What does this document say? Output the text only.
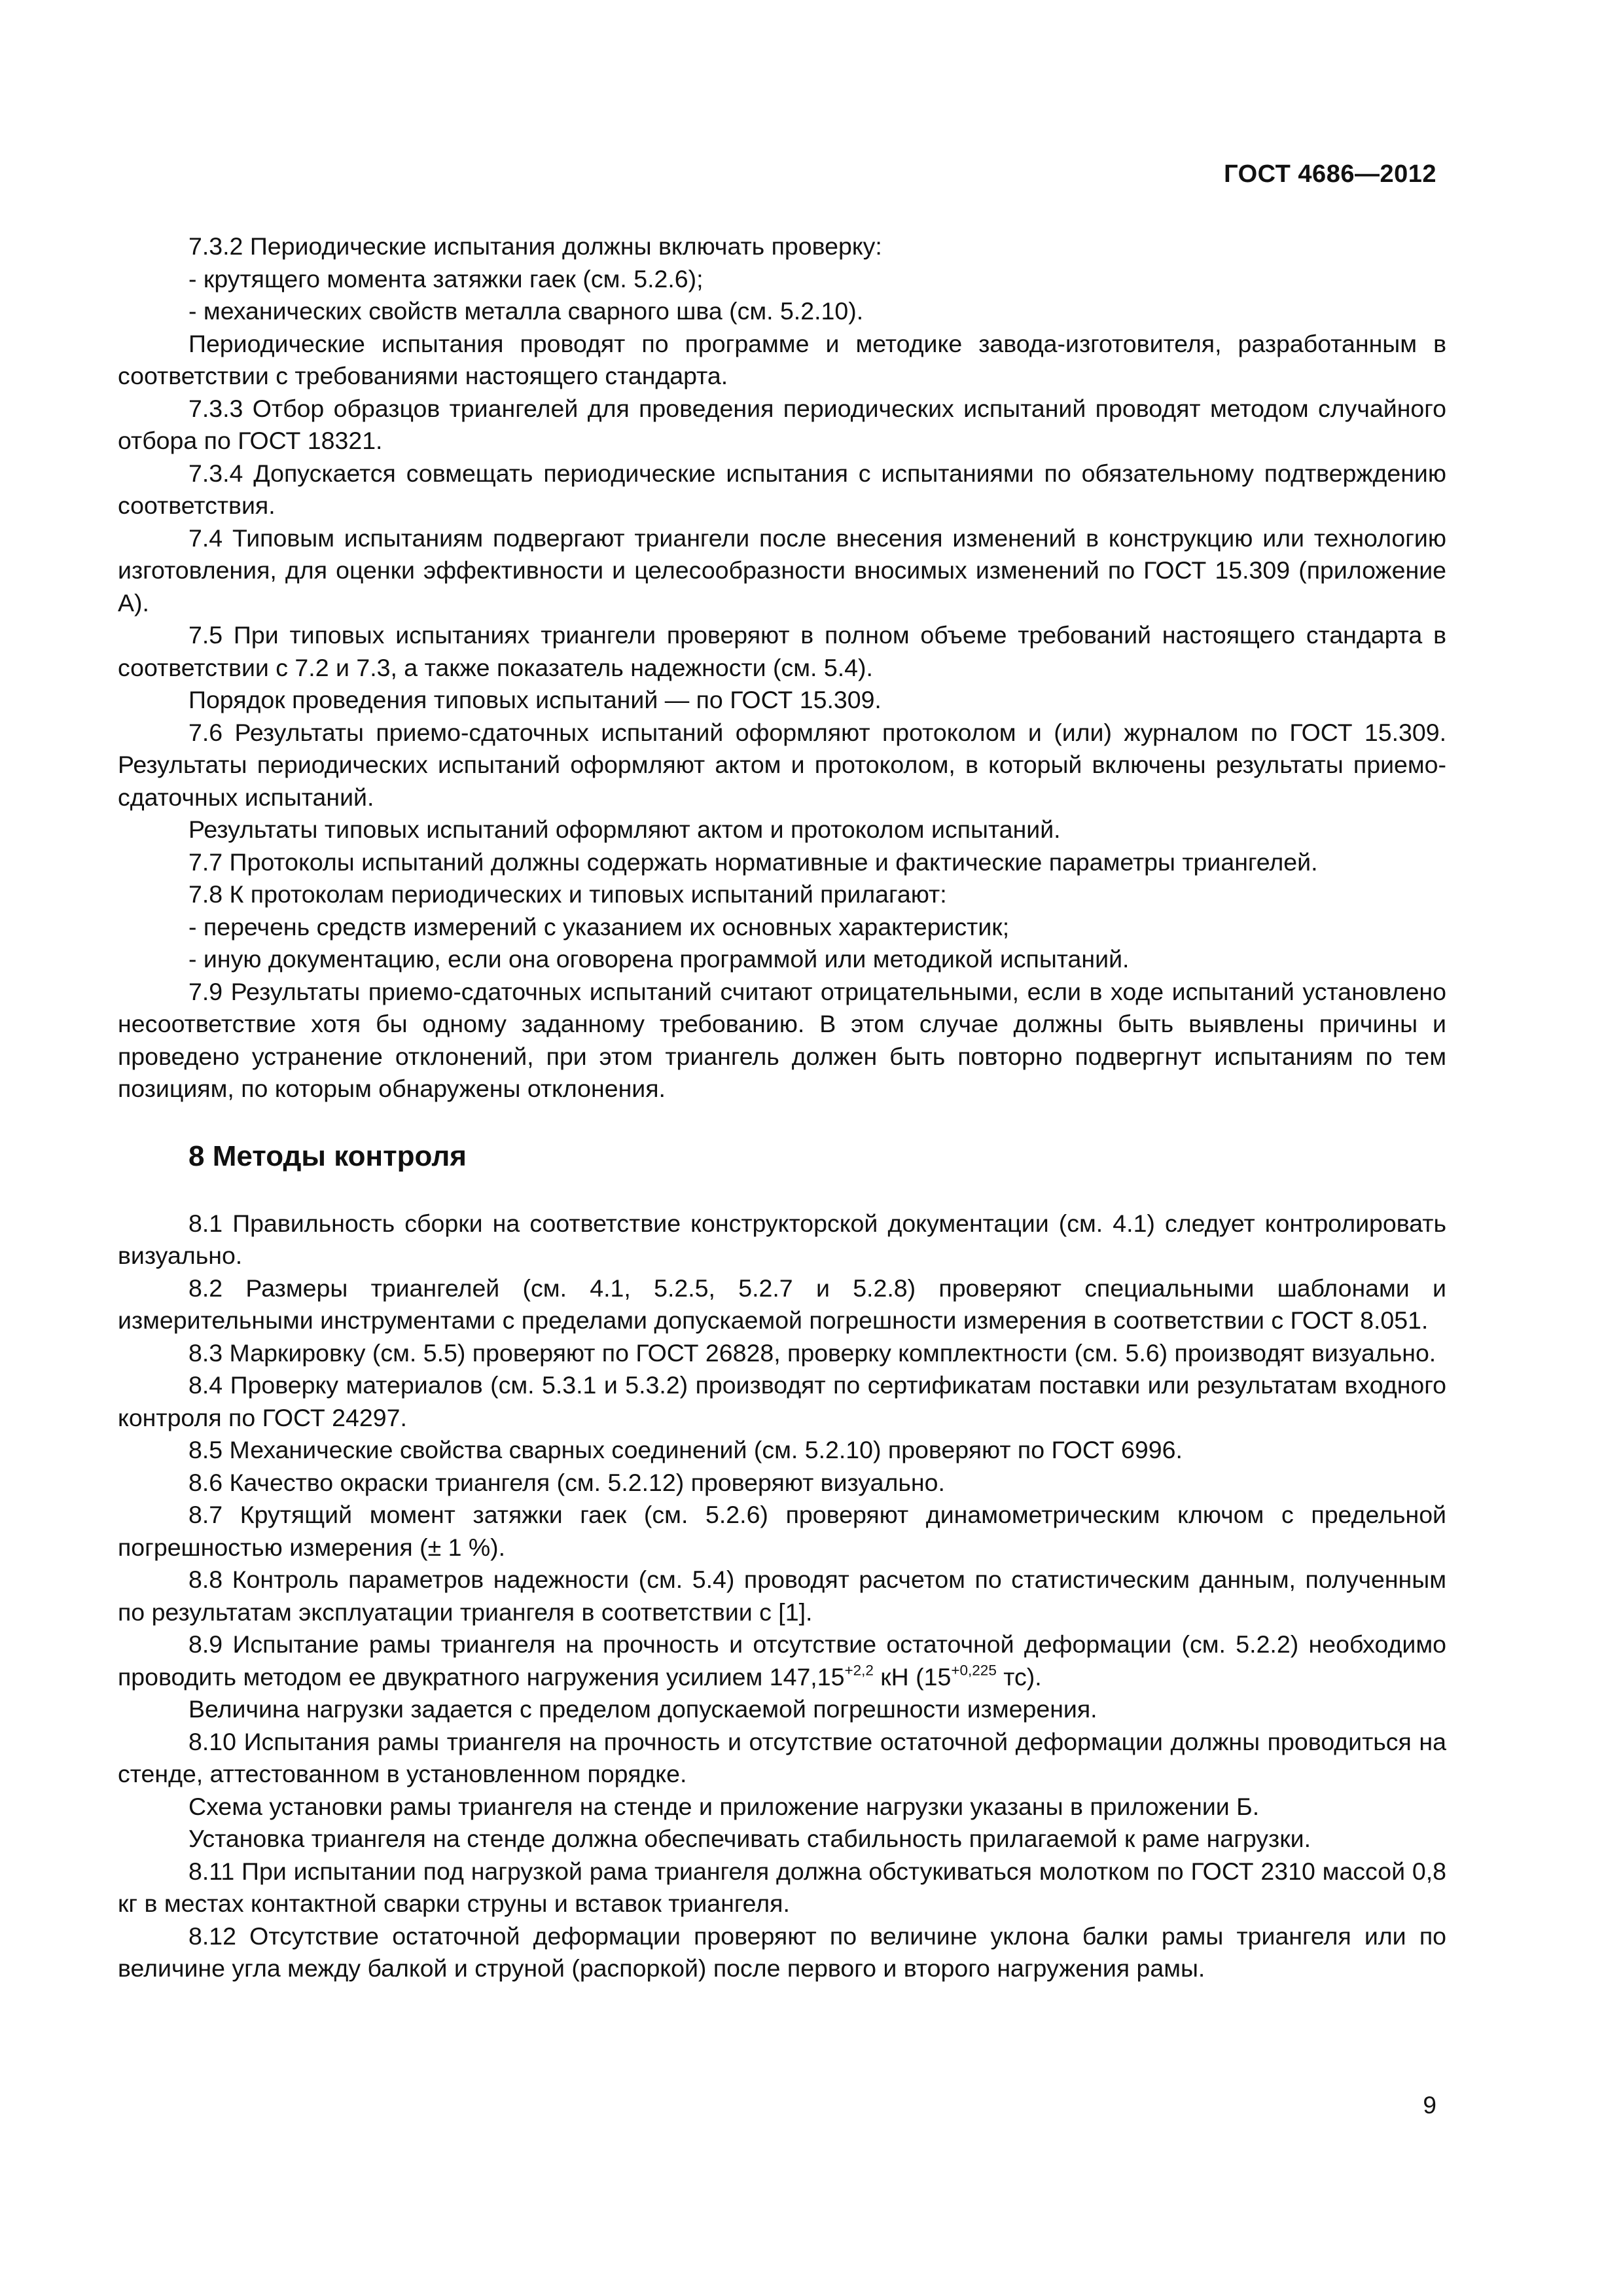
ГОСТ 4686—2012

7.3.2 Периодические испытания должны включать проверку:

- крутящего момента затяжки гаек (см. 5.2.6);

- механических свойств металла сварного шва (см. 5.2.10).

Периодические испытания проводят по программе и методике завода-изготовителя, разработанным в соответствии с требованиями настоящего стандарта.

7.3.3 Отбор образцов триангелей для проведения периодических испытаний проводят методом случайного отбора по ГОСТ 18321.

7.3.4 Допускается совмещать периодические испытания с испытаниями по обязательному подтверждению соответствия.

7.4 Типовым испытаниям подвергают триангели после внесения изменений в конструкцию или технологию изготовления, для оценки эффективности и целесообразности вносимых изменений по ГОСТ 15.309 (приложение А).

7.5 При типовых испытаниях триангели проверяют в полном объеме требований настоящего стандарта в соответствии с 7.2 и 7.3, а также показатель надежности (см. 5.4).

Порядок проведения типовых испытаний — по ГОСТ 15.309.

7.6 Результаты приемо-сдаточных испытаний оформляют протоколом и (или) журналом по ГОСТ 15.309. Результаты периодических испытаний оформляют актом и протоколом, в который включены результаты приемо-сдаточных испытаний.

Результаты типовых испытаний оформляют актом и протоколом испытаний.

7.7 Протоколы испытаний должны содержать нормативные и фактические параметры триангелей.

7.8 К протоколам периодических и типовых испытаний прилагают:

- перечень средств измерений с указанием их основных характеристик;

- иную документацию, если она оговорена программой или методикой испытаний.

7.9 Результаты приемо-сдаточных испытаний считают отрицательными, если в ходе испытаний установлено несоответствие хотя бы одному заданному требованию. В этом случае должны быть выявлены причины и проведено устранение отклонений, при этом триангель должен быть повторно подвергнут испытаниям по тем позициям, по которым обнаружены отклонения.

8 Методы контроля

8.1 Правильность сборки на соответствие конструкторской документации (см. 4.1) следует контролировать визуально.

8.2 Размеры триангелей (см. 4.1, 5.2.5, 5.2.7 и 5.2.8) проверяют специальными шаблонами и измерительными инструментами с пределами допускаемой погрешности измерения в соответствии с ГОСТ 8.051.

8.3 Маркировку (см. 5.5) проверяют по ГОСТ 26828, проверку комплектности (см. 5.6) производят визуально.

8.4 Проверку материалов (см. 5.3.1 и 5.3.2) производят по сертификатам поставки или результатам входного контроля по ГОСТ 24297.

8.5 Механические свойства сварных соединений (см. 5.2.10) проверяют по ГОСТ 6996.

8.6 Качество окраски триангеля (см. 5.2.12) проверяют визуально.

8.7 Крутящий момент затяжки гаек (см. 5.2.6) проверяют динамометрическим ключом с предельной погрешностью измерения (± 1 %).

8.8 Контроль параметров надежности (см. 5.4) проводят расчетом по статистическим данным, полученным по результатам эксплуатации триангеля в соответствии с [1].

8.9 Испытание рамы триангеля на прочность и отсутствие остаточной деформации (см. 5.2.2) необходимо проводить методом ее двукратного нагружения усилием $147,15^{+2,2}$ кН ($15^{+0,225}$ тс).

Величина нагрузки задается с пределом допускаемой погрешности измерения.

8.10 Испытания рамы триангеля на прочность и отсутствие остаточной деформации должны проводиться на стенде, аттестованном в установленном порядке.

Схема установки рамы триангеля на стенде и приложение нагрузки указаны в приложении Б.

Установка триангеля на стенде должна обеспечивать стабильность прилагаемой к раме нагрузки.

8.11 При испытании под нагрузкой рама триангеля должна обстукиваться молотком по ГОСТ 2310 массой 0,8 кг в местах контактной сварки струны и вставок триангеля.

8.12 Отсутствие остаточной деформации проверяют по величине уклона балки рамы триангеля или по величине угла между балкой и струной (распоркой) после первого и второго нагружения рамы.

9
